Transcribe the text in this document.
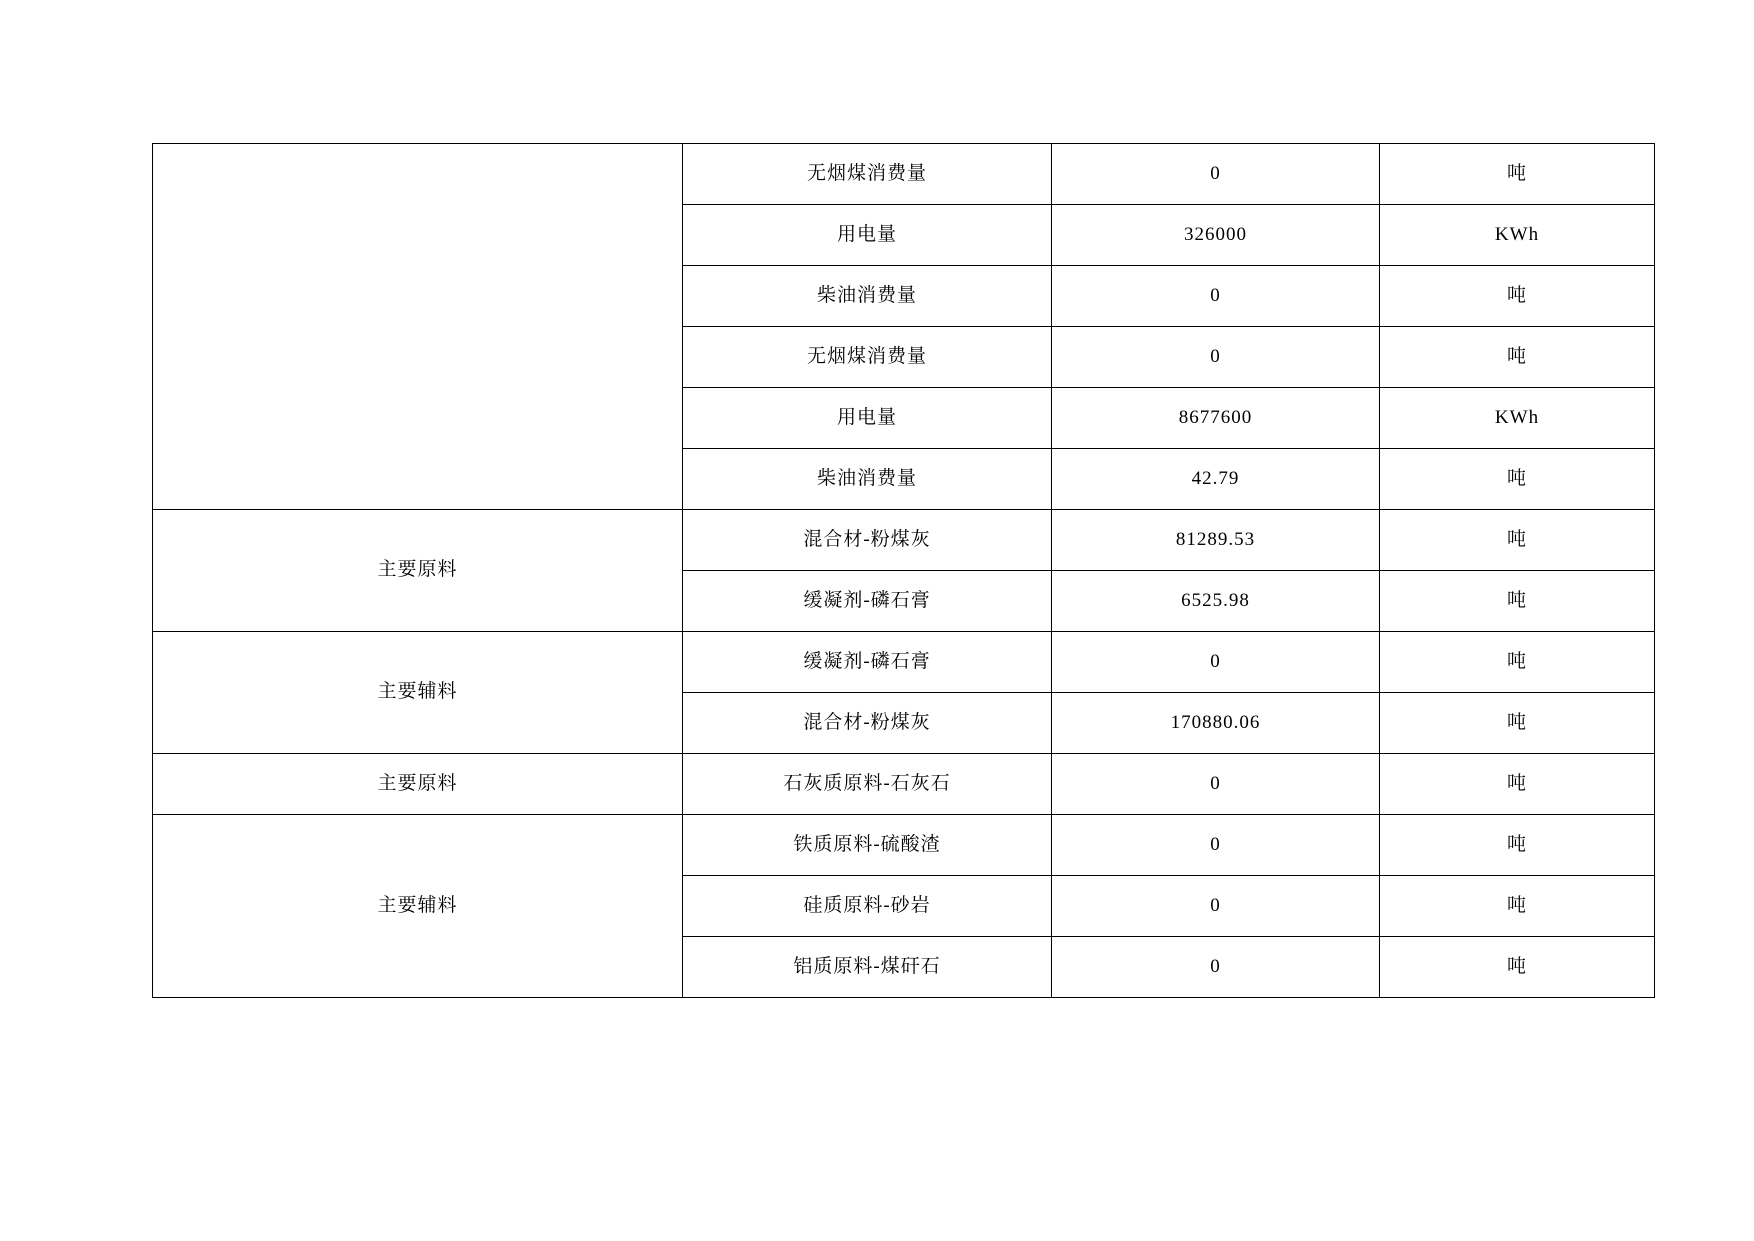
	无烟煤消费量	0	吨
	用电量	326000	KWh
	柴油消费量	0	吨
	无烟煤消费量	0	吨
	用电量	8677600	KWh
	柴油消费量	42.79	吨
主要原料	混合材-粉煤灰	81289.53	吨
	缓凝剂-磷石膏	6525.98	吨
主要辅料	缓凝剂-磷石膏	0	吨
	混合材-粉煤灰	170880.06	吨
主要原料	石灰质原料-石灰石	0	吨
主要辅料	铁质原料-硫酸渣	0	吨
	硅质原料-砂岩	0	吨
	铝质原料-煤矸石	0	吨
